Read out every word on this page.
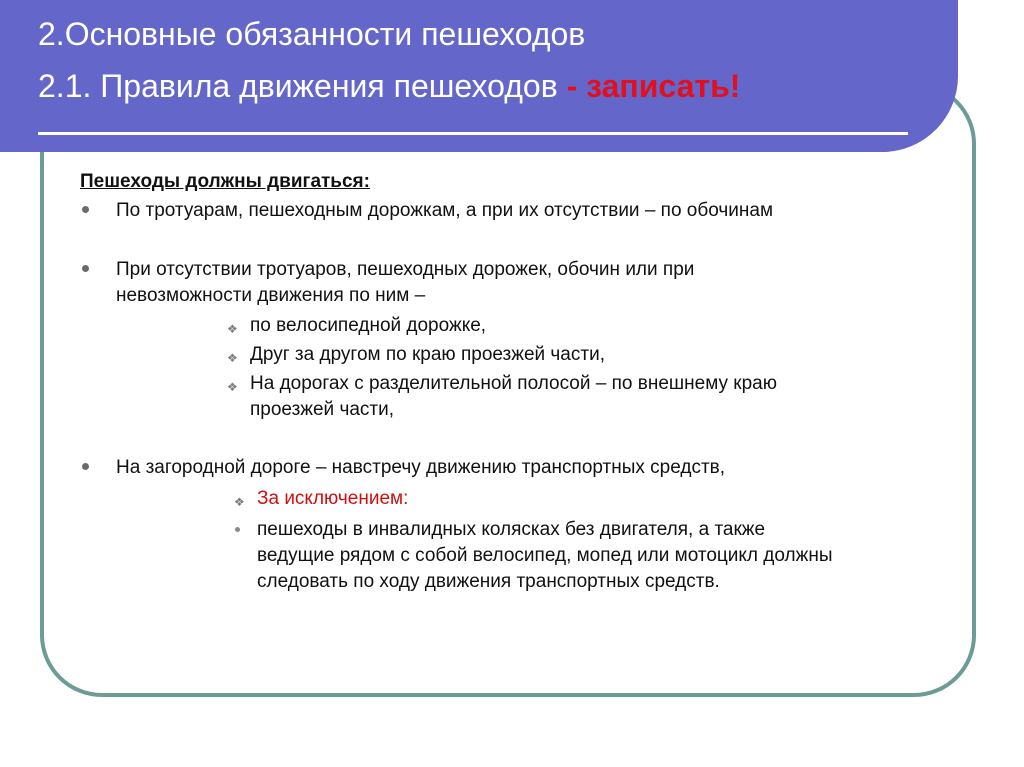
2.Основные обязанности пешеходов
2.1. Правила движения пешеходов - записать!
Пешеходы должны двигаться:
По тротуарам, пешеходным дорожкам, а при их отсутствии – по обочинам
При отсутствии тротуаров, пешеходных дорожек, обочин или при
невозможности движения по ним –
❖ по велосипедной дорожке,
❖ Друг за другом по краю проезжей части,
❖ На дорогах с разделительной полосой – по внешнему краю
проезжей части,
На загородной дороге – навстречу движению транспортных средств,
❖ За исключением:
пешеходы в инвалидных колясках без двигателя, а также
ведущие рядом с собой велосипед, мопед или мотоцикл должны
следовать по ходу движения транспортных средств.
